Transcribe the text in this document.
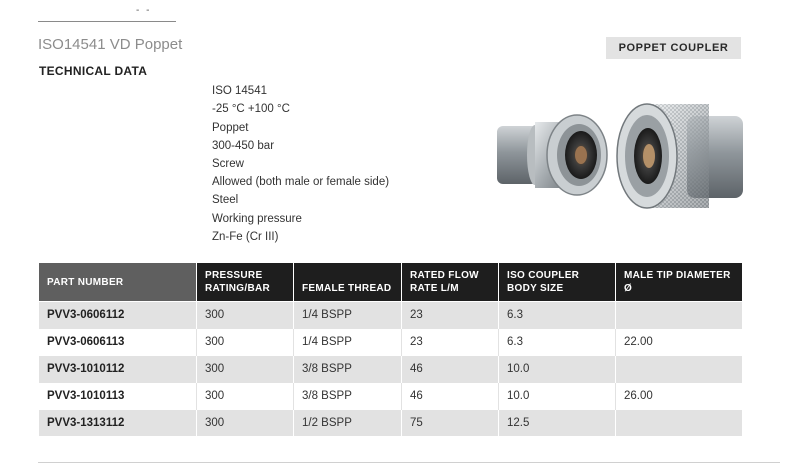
- -
ISO14541 VD Poppet	POPPET COUPLER
TECHNICAL DATA
ISO 14541
-25 °C +100 °C
Poppet
300-450 bar
Screw
Allowed (both male or female side)
Steel
Working pressure
Zn-Fe (Cr III)
PART NUMBER	PRESSURE RATING/BAR	FEMALE THREAD	RATED FLOW RATE L/M	ISO COUPLER BODY SIZE	MALE TIP DIAMETER Ø
PVV3-0606112	300	1/4 BSPP	23	6.3	
PVV3-0606113	300	1/4 BSPP	23	6.3	22.00
PVV3-1010112	300	3/8 BSPP	46	10.0	
PVV3-1010113	300	3/8 BSPP	46	10.0	26.00
PVV3-1313112	300	1/2 BSPP	75	12.5	
